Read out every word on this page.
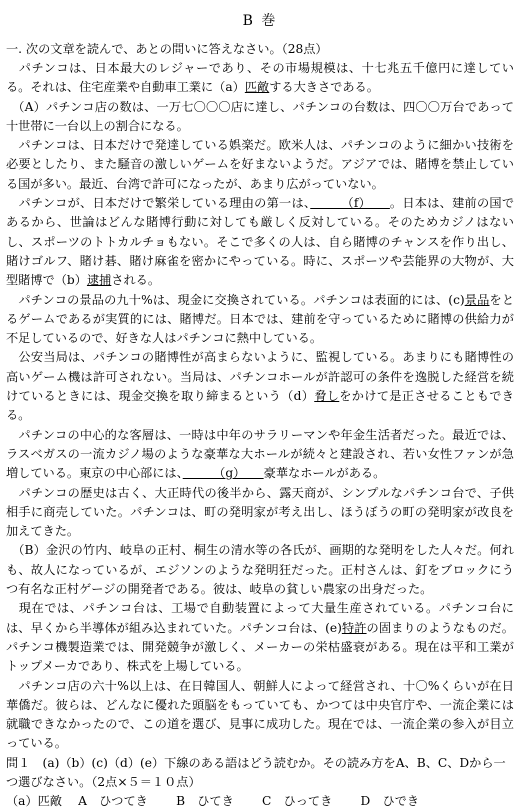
B 巻
一. 次の文章を読んで、あとの問いに答えなさい。（28点）

　パチンコは、日本最大のレジャーであり、その市場規模は、十七兆五千億円に達している。それは、住宅産業や自動車工業に（a）匹敵する大きさである。

　（A）パチンコ店の数は、一万七〇〇〇店に達し、パチンコの台数は、四〇〇万台であって十世帯に一台以上の割合になる。

　パチンコは、日本だけで発達している娯楽だ。欧米人は、パチンコのように細かい技術を必要としたり、また騒音の激しいゲームを好まないようだ。アジアでは、賭博を禁止している国が多い。最近、台湾で許可になったが、あまり広がっていない。

　パチンコが、日本だけで繁栄している理由の第一は、　　　（f）　　。日本は、建前の国であるから、世論はどんな賭博行動に対しても厳しく反対している。そのためカジノはないし、スポーツのトトカルチョもない。そこで多くの人は、自ら賭博のチャンスを作り出し、賭けゴルフ、賭け碁、賭け麻雀を密かにやっている。時に、スポーツや芸能界の大物が、大型賭博で（b）逮捕される。

　パチンコの景品の九十%は、現金に交換されている。パチンコは表面的には、(c)景品をとるゲームであるが実質的には、賭博だ。日本では、建前を守っているために賭博の供給力が不足しているので、好きな人はパチンコに熱中している。

　公安当局は、パチンコの賭博性が高まらないように、監視している。あまりにも賭博性の高いゲーム機は許可されない。当局は、パチンコホールが許認可の条件を逸脱した経営を続けているときには、現金交換を取り締まるという（d）脅しをかけて是正させることもできる。

　パチンコの中心的な客層は、一時は中年のサラリーマンや年金生活者だった。最近では、ラスベガスの一流カジノ場のような豪華な大ホールが続々と建設され、若い女性ファンが急増している。東京の中心部には、　　　（g）　　豪華なホールがある。

　パチンコの歴史は古く、大正時代の後半から、露天商が、シンプルなパチンコ台で、子供相手に商売していた。パチンコは、町の発明家が考え出し、ほうぼうの町の発明家が改良を加えてきた。

　（B）金沢の竹内、岐阜の正村、桐生の清水等の各氏が、画期的な発明をした人々だ。何れも、故人になっているが、エジソンのような発明狂だった。正村さんは、釘をブロックにうつ有名な正村ゲージの開発者である。彼は、岐阜の貧しい農家の出身だった。

　現在では、パチンコ台は、工場で自動装置によって大量生産されている。パチンコ台には、早くから半導体が組み込まれていた。パチンコ台は、(e)特許の固まりのようなものだ。パチンコ機製造業では、開発競争が激しく、メーカーの栄枯盛衰がある。現在は平和工業がトップメーカであり、株式を上場している。

　パチンコ店の六十%以上は、在日韓国人、朝鮮人によって経営され、十〇%くらいが在日華僑だ。彼らは、どんなに優れた頭脳をもっていても、かつては中央官庁や、一流企業には就職できなかったので、この道を選び、見事に成功した。現在では、一流企業の参入が目立っている。

問１　(a)（b）(c)（d）(e）下線のある語はどう読むか。その読み方をA、B、C、Dから一つ選びなさい。（2点×５＝１０点）
（a）匹敵　 A　ひつてき　 　B　ひてき　　 C　ひってき　　 D　ひでき
